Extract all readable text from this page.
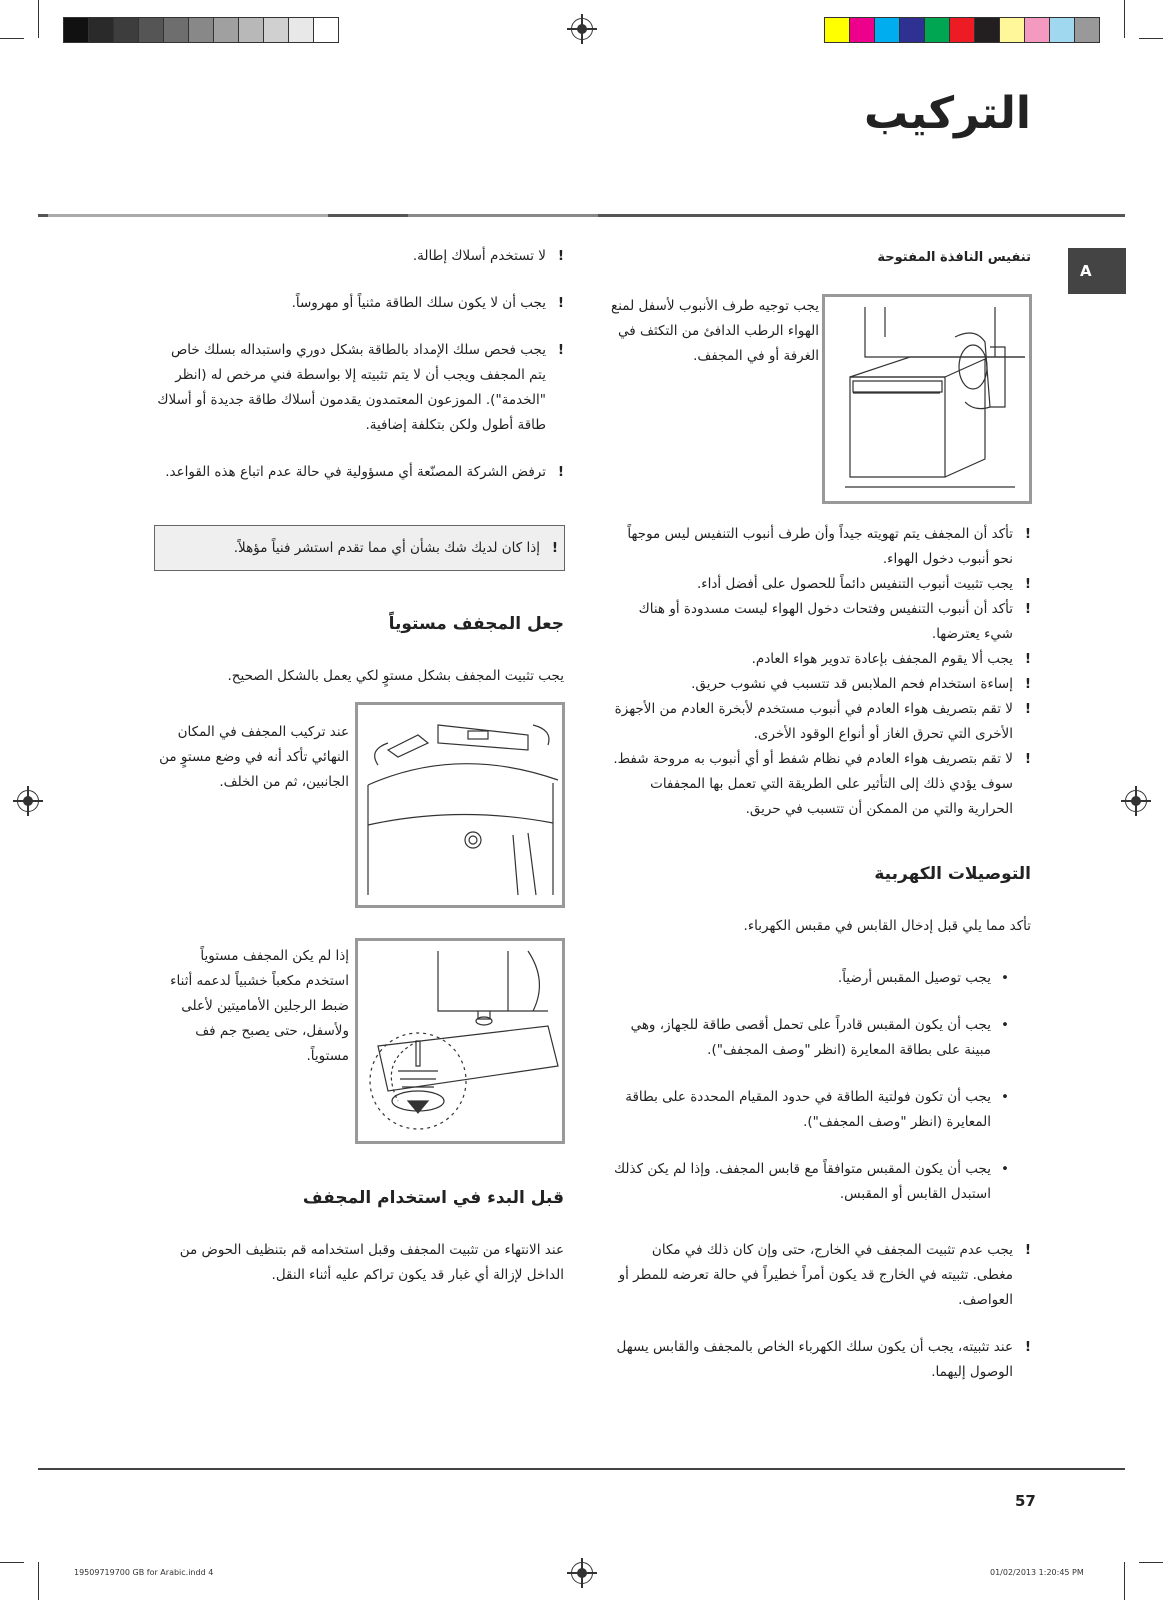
التركيب
A
تنفيس النافذة المفتوحة
يجب توجيه طرف الأنبوب لأسفل لمنع الهواء الرطب الدافئ من التكثف في الغرفة أو في المجفف.
! تأكد أن المجفف يتم تهويته جيداً وأن طرف أنبوب التنفيس ليس موجهاً نحو أنبوب دخول الهواء.
! يجب تثبيت أنبوب التنفيس دائماً للحصول على أفضل أداء.
! تأكد أن أنبوب التنفيس وفتحات دخول الهواء ليست مسدودة أو هناك شيء يعترضها.
! يجب ألا يقوم المجفف بإعادة تدوير هواء العادم.
! إساءة استخدام فحم الملابس قد تتسبب في نشوب حريق.
! لا تقم بتصريف هواء العادم في أنبوب مستخدم لأبخرة العادم من الأجهزة الأخرى التي تحرق الغاز أو أنواع الوقود الأخرى.
! لا تقم بتصريف هواء العادم في نظام شفط أو أي أنبوب به مروحة شفط. سوف يؤدي ذلك إلى التأثير على الطريقة التي تعمل بها المجففات الحرارية والتي من الممكن أن تتسبب في حريق.
التوصيلات الكهربية
تأكد مما يلي قبل إدخال القابس في مقبس الكهرباء.
• يجب توصيل المقبس أرضياً.
• يجب أن يكون المقبس قادراً على تحمل أقصى طاقة للجهاز، وهي مبينة على بطاقة المعايرة (انظر "وصف المجفف").
• يجب أن تكون فولتية الطاقة في حدود المقيام المحددة على بطاقة المعايرة (انظر "وصف المجفف").
• يجب أن يكون المقبس متوافقاً مع قابس المجفف. وإذا لم يكن كذلك استبدل القابس أو المقبس.
! يجب عدم تثبيت المجفف في الخارج، حتى وإن كان ذلك في مكان مغطى. تثبيته في الخارج قد يكون أمراً خطيراً في حالة تعرضه للمطر أو العواصف.
! عند تثبيته، يجب أن يكون سلك الكهرباء الخاص بالمجفف والقابس يسهل الوصول إليهما.
! لا تستخدم أسلاك إطالة.
! يجب أن لا يكون سلك الطاقة مثنياً أو مهروساً.
! يجب فحص سلك الإمداد بالطاقة بشكل دوري واستبداله بسلك خاص يتم المجفف ويجب أن لا يتم تثبيته إلا بواسطة فني مرخص له (انظر "الخدمة"). الموزعون المعتمدون يقدمون أسلاك طاقة جديدة أو أسلاك طاقة أطول ولكن بتكلفة إضافية.
! ترفض الشركة المصنّعة أي مسؤولية في حالة عدم اتباع هذه القواعد.
! إذا كان لديك شك بشأن أي مما تقدم استشر فنياً مؤهلاً.
جعل المجفف مستوياً
يجب تثبيت المجفف بشكل مستوٍ لكي يعمل بالشكل الصحيح.
عند تركيب المجفف في المكان النهائي تأكد أنه في وضع مستوٍ من الجانبين، ثم من الخلف.
إذا لم يكن المجفف مستوياً استخدم مكعباً خشبياً لدعمه أثناء ضبط الرجلين الأماميتين لأعلى ولأسفل، حتى يصبح جم فف مستوياً.
قبل البدء في استخدام المجفف
عند الانتهاء من تثبيت المجفف وقبل استخدامه قم بتنظيف الحوض من الداخل لإزالة أي غبار قد يكون تراكم عليه أثناء النقل.
57
19509719700 GB for Arabic.indd 4	01/02/2013 1:20:45 PM
